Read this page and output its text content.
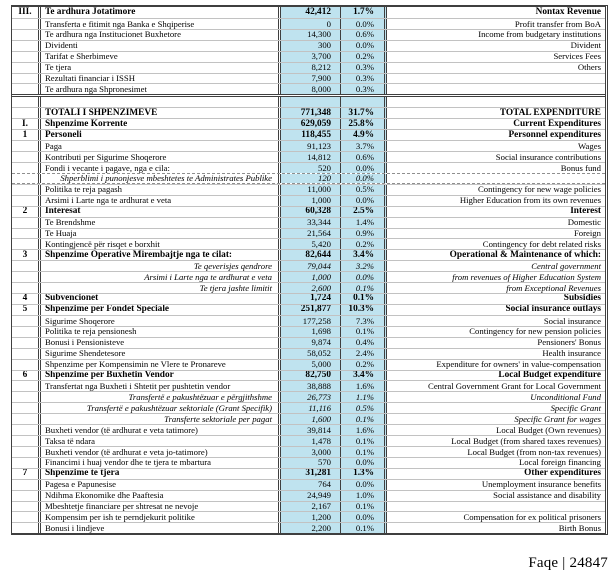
III.	Te ardhura Jotatimore	42,412	1.7%	Nontax Revenue
Transferta e fitimit nga Banka e Shqiperise	0	0.0%	Profit transfer from BoA
Te ardhura nga Institucionet Buxhetore	14,300	0.6%	Income from budgetary institutions
Dividenti	300	0.0%	Divident
Tarifat e Sherbimeve	3,700	0.2%	Services Fees
Te tjera	8,212	0.3%	Others
Rezultati financiar i ISSH	7,900	0.3%
Te ardhura nga Shpronesimet	8,000	0.3%
TOTALI I SHPENZIMEVE	771,348	31.7%	TOTAL EXPENDITURE
I.	Shpenzime Korrente	629,059	25.8%	Current Expenditures
1	Personeli	118,455	4.9%	Personnel expenditures
Paga	91,123	3.7%	Wages
Kontributi per Sigurime Shoqerore	14,812	0.6%	Social insurance contributions
Fondi i vecante i pagave, nga e cila:	520	0.0%	Bonus fund
Shperblimi i punonjesve mbeshtetes te Administrates Publike	120	0.0%
Politika te reja pagash	11,000	0.5%	Contingency for new wage policies
Arsimi i Larte nga te ardhurat e veta	1,000	0.0%	Higher Education from its own revenues
2	Interesat	60,328	2.5%	Interest
Te Brendshme	33,344	1.4%	Domestic
Te Huaja	21,564	0.9%	Foreign
Kontingjencë për risqet e borxhit	5,420	0.2%	Contingency for debt related risks
3	Shpenzime Operative Mirembajtje nga te cilat:	82,644	3.4%	Operational & Maintenance of which:
Te qeverisjes qendrore	79,044	3.2%	Central government
Arsimi i Larte nga te ardhurat e veta	1,000	0.0%	from revenues of Higher Education System
Te tjera jashte limitit	2,600	0.1%	from Exceptional Revenues
4	Subvencionet	1,724	0.1%	Subsidies
5	Shpenzime per Fondet Speciale	251,877	10.3%	Social insurance outlays
Sigurime Shoqerore	177,258	7.3%	Social insurance
Politika te reja pensionesh	1,698	0.1%	Contingency for new pension policies
Bonusi i Pensionisteve	9,874	0.4%	Pensioners' Bonus
Sigurime Shendetesore	58,052	2.4%	Health insurance
Shpenzime per Kompensimin ne Vlere te Pronareve	5,000	0.2%	Expenditure for owners' in value-compensation
6	Shpenzime per Buxhetin Vendor	82,750	3.4%	Local Budget expenditure
Transfertat nga Buxheti i Shtetit per pushtetin vendor	38,888	1.6%	Central Government Grant for Local Government
Transfertë e pakushtëzuar e përgjithshme	26,773	1.1%	Unconditional Fund
Transfertë e pakushtëzuar sektoriale (Grant Specifik)	11,116	0.5%	Specific Grant
Transferte sektoriale per pagat	1,600	0.1%	Specific Grant for wages
Buxheti vendor (të ardhurat e veta tatimore)	39,814	1.6%	Local Budget (Own revenues)
Taksa të ndara	1,478	0.1%	Local Budget (from shared taxes revenues)
Buxheti vendor (të ardhurat e veta jo-tatimore)	3,000	0.1%	Local Budget (from non-tax revenues)
Financimi i huaj vendor dhe te tjera te mbartura	570	0.0%	Local foreign financing
7	Shpenzime te tjera	31,281	1.3%	Other expenditures
Pagesa e Papunesise	764	0.0%	Unemployment insurance benefits
Ndihma Ekonomike dhe Paaftesia	24,949	1.0%	Social assistance and disability
Mbeshtetje financiare per shtresat ne nevoje	2,167	0.1%
Kompensim per ish te perndjekurit politike	1,200	0.0%	Compensation for ex political prisoners
Bonusi i lindjeve	2,200	0.1%	Birth Bonus
Faqe | 24847
